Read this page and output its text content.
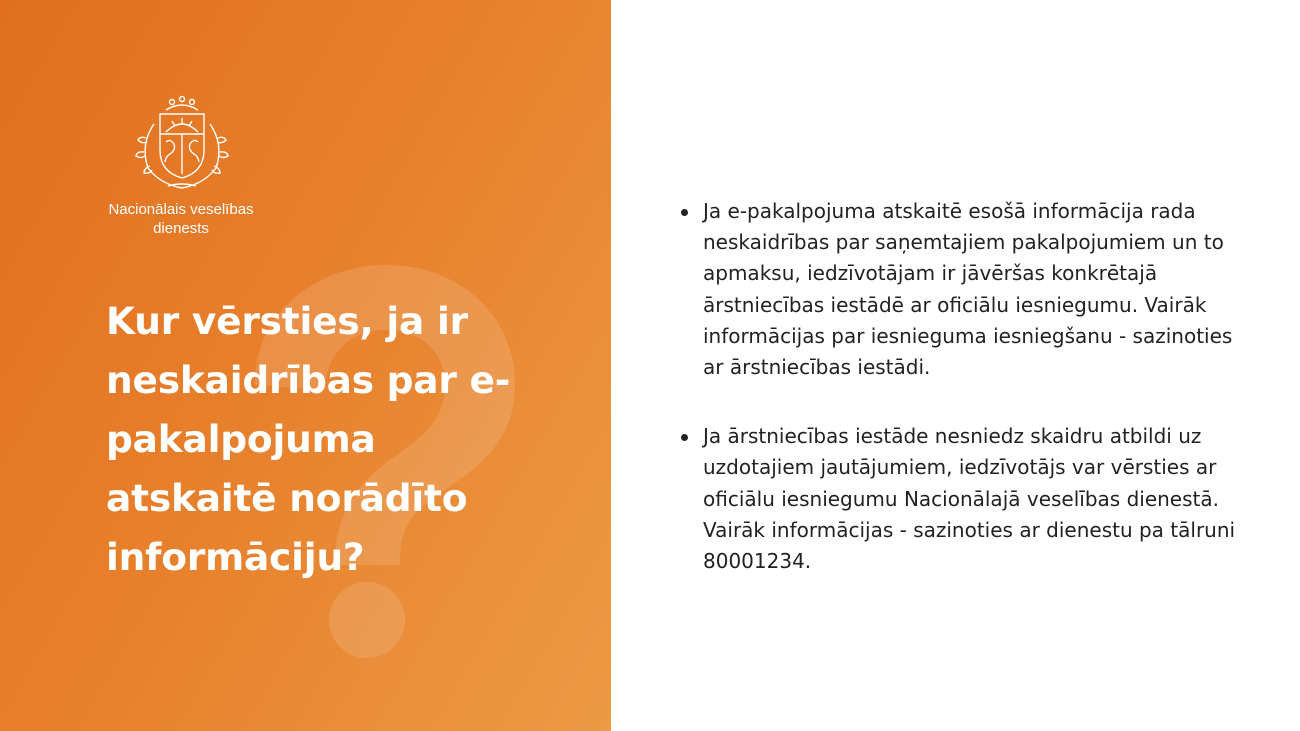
Nacionālais veselības dienests
Kur vērsties, ja ir neskaidrības par e-pakalpojuma atskaitē norādīto informāciju?
Ja e-pakalpojuma atskaitē esošā informācija rada neskaidrības par saņemtajiem pakalpojumiem un to apmaksu, iedzīvotājam ir jāvēršas konkrētajā ārstniecības iestādē ar oficiālu iesniegumu. Vairāk informācijas par iesnieguma iesniegšanu - sazinoties ar ārstniecības iestādi.
Ja ārstniecības iestāde nesniedz skaidru atbildi uz uzdotajiem jautājumiem, iedzīvotājs var vērsties ar oficiālu iesniegumu Nacionālajā veselības dienestā. Vairāk informācijas - sazinoties ar dienestu pa tālruni 80001234.
